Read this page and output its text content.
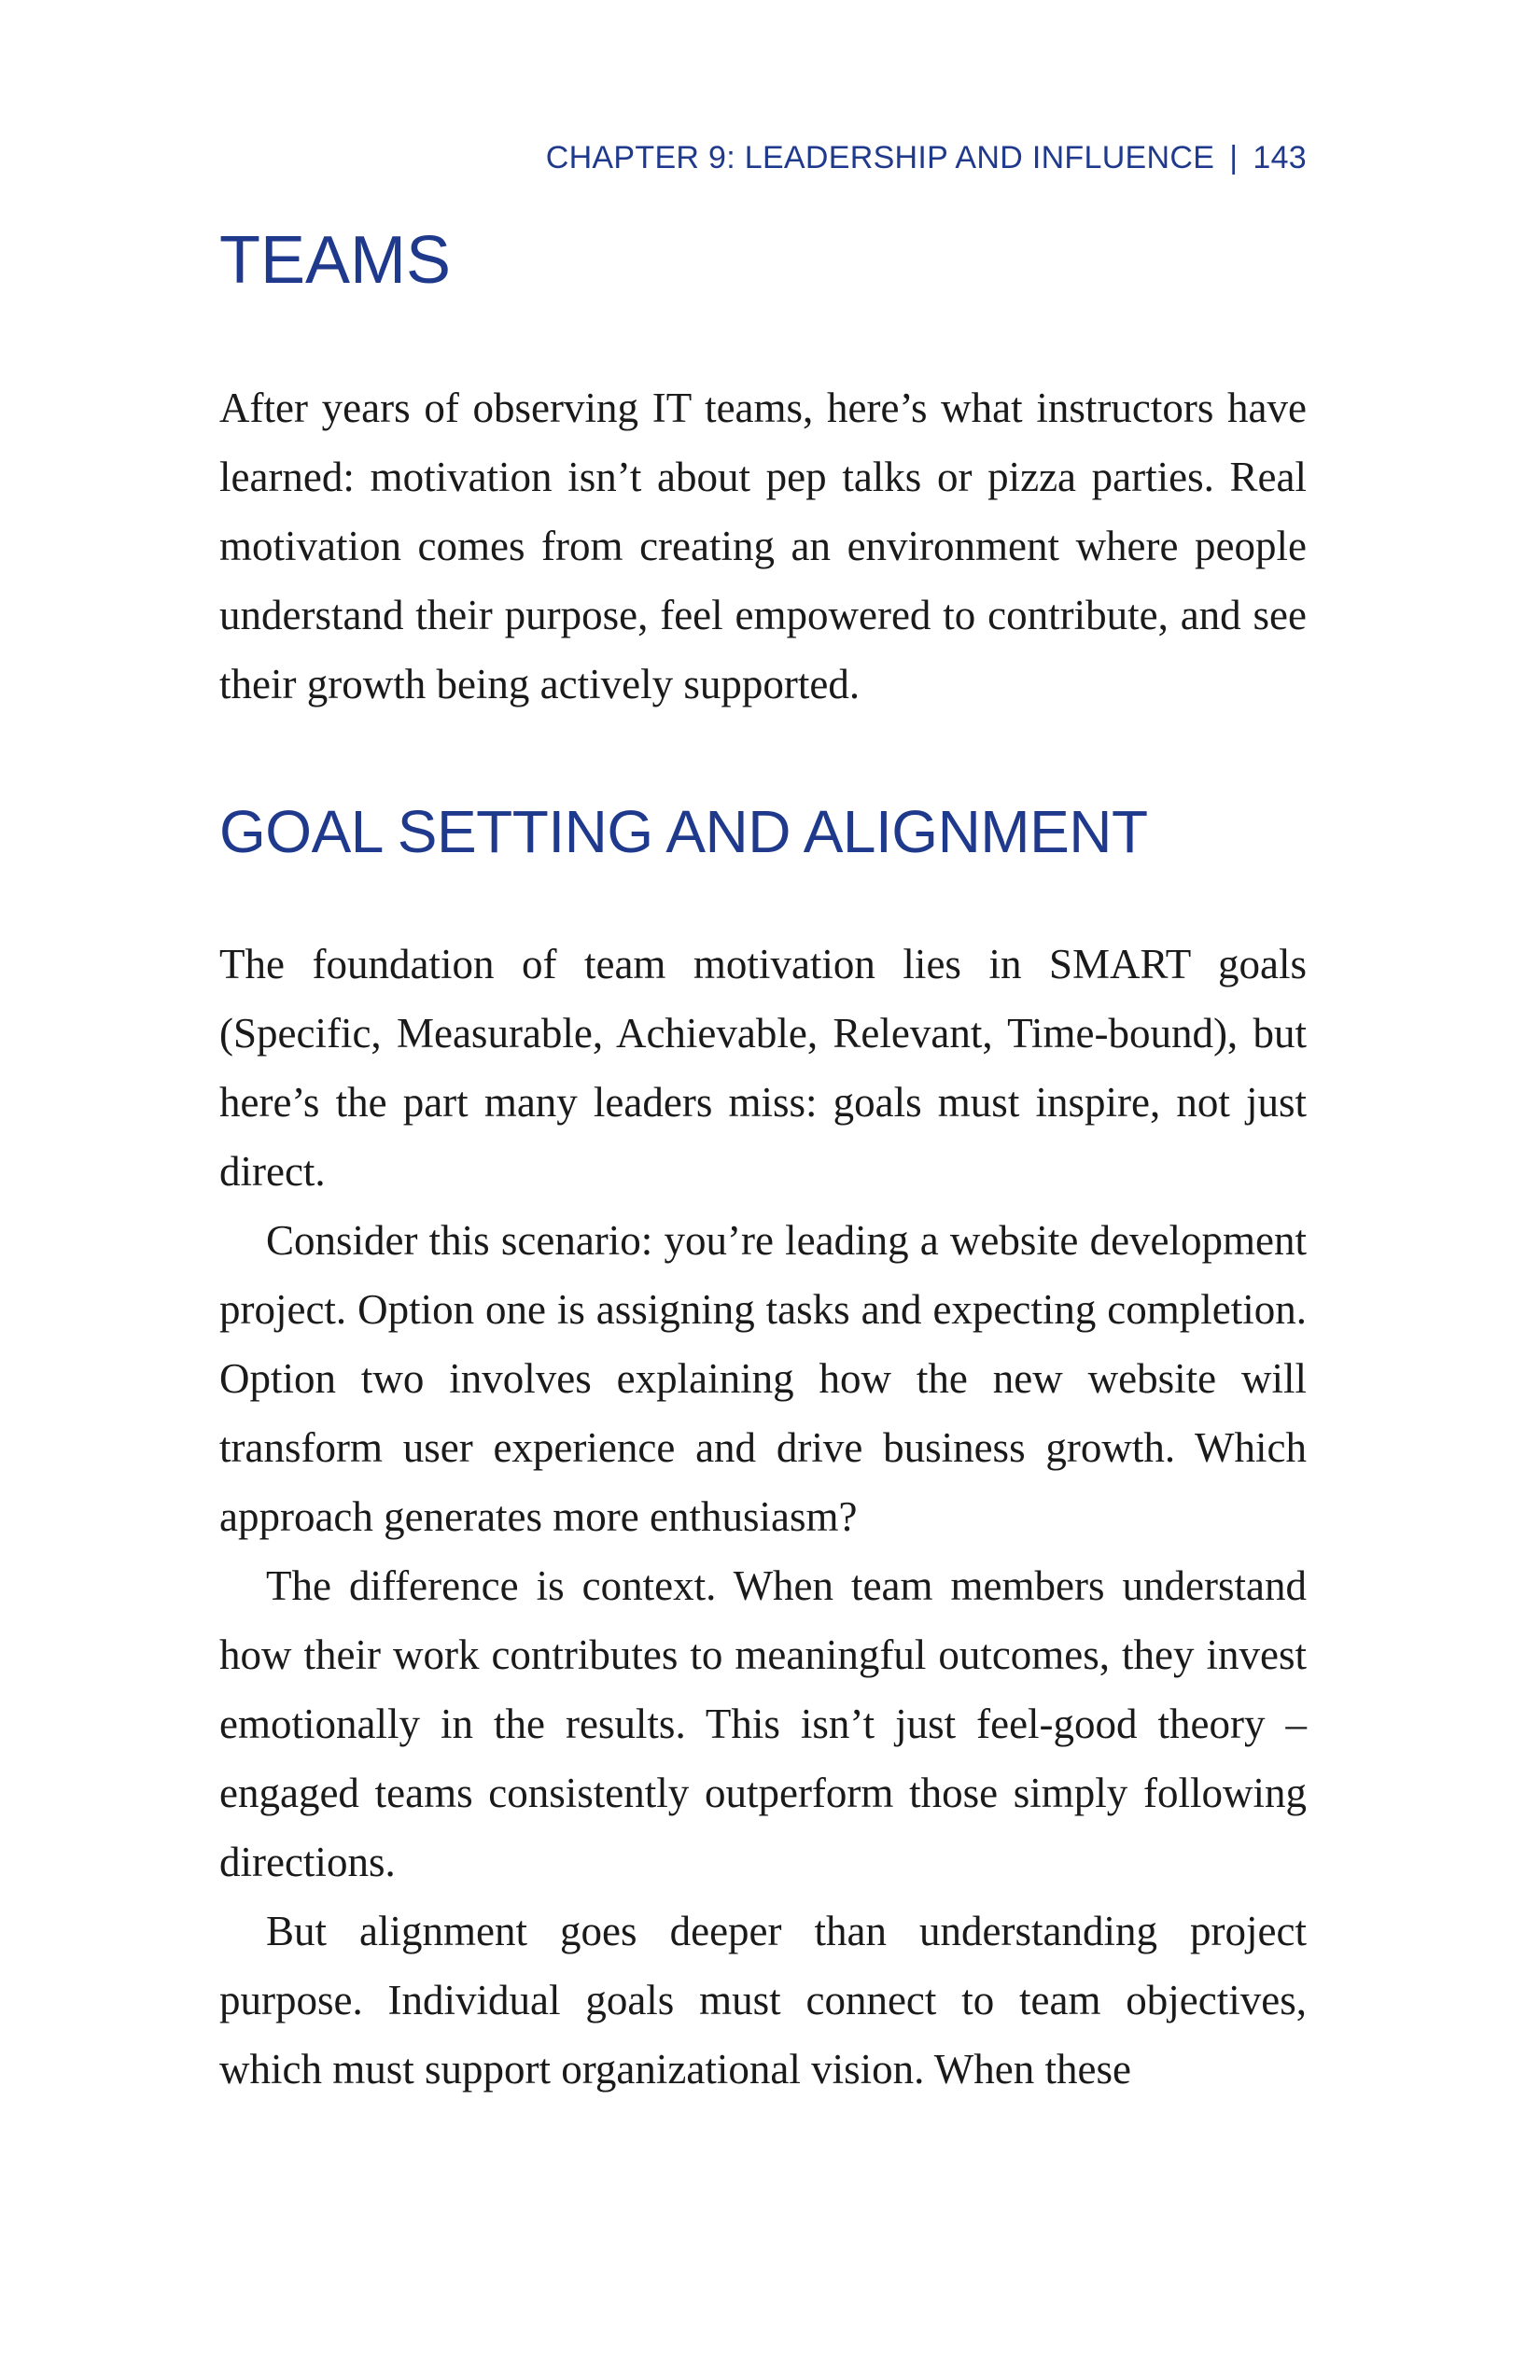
CHAPTER 9: LEADERSHIP AND INFLUENCE | 143
TEAMS

After years of observing IT teams, here’s what instructors have learned: motivation isn’t about pep talks or pizza parties. Real motivation comes from creating an environment where people understand their purpose, feel empowered to contribute, and see their growth being actively supported.

GOAL SETTING AND ALIGNMENT

The foundation of team motivation lies in SMART goals (Specific, Measurable, Achievable, Relevant, Time-bound), but here’s the part many leaders miss: goals must inspire, not just direct.

Consider this scenario: you’re leading a website development project. Option one is assigning tasks and expecting completion. Option two involves explaining how the new website will transform user experience and drive business growth. Which approach generates more enthusiasm?

The difference is context. When team members understand how their work contributes to meaningful outcomes, they invest emotionally in the results. This isn’t just feel-good theory – engaged teams consistently outperform those simply following directions.

But alignment goes deeper than understanding project purpose. Individual goals must connect to team objectives, which must support organizational vision. When these
